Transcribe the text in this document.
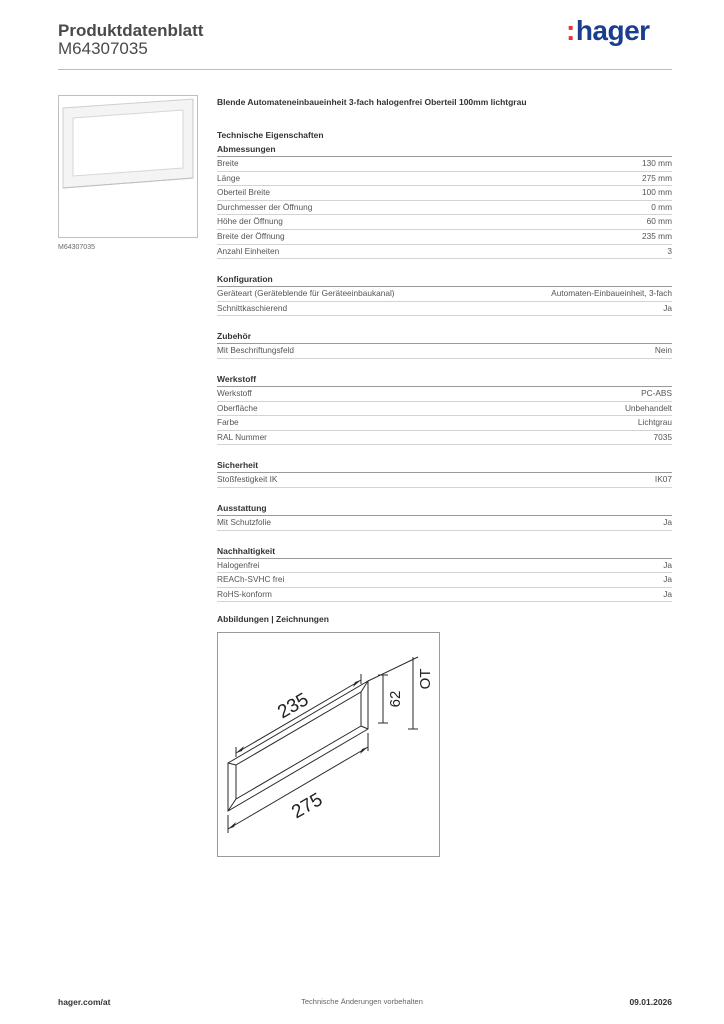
Produktdatenblatt
M64307035
:hager
M64307035
Blende Automateneinbaueinheit 3-fach halogenfrei Oberteil 100mm lichtgrau
Technische Eigenschaften
Abmessungen
Breite	130 mm
Länge	275 mm
Oberteil Breite	100 mm
Durchmesser der Öffnung	0 mm
Höhe der Öffnung	60 mm
Breite der Öffnung	235 mm
Anzahl Einheiten	3
Konfiguration
Geräteart (Geräteblende für Geräteeinbaukanal)	Automaten-Einbaueinheit, 3-fach
Schnittkaschierend	Ja
Zubehör
Mit Beschriftungsfeld	Nein
Werkstoff
Werkstoff	PC-ABS
Oberfläche	Unbehandelt
Farbe	Lichtgrau
RAL Nummer	7035
Sicherheit
Stoßfestigkeit IK	IK07
Ausstattung
Mit Schutzfolie	Ja
Nachhaltigkeit
Halogenfrei	Ja
REACh-SVHC frei	Ja
RoHS-konform	Ja
Abbildungen | Zeichnungen
235
275
62
OT
hager.com/at	Technische Änderungen vorbehalten	09.01.2026
